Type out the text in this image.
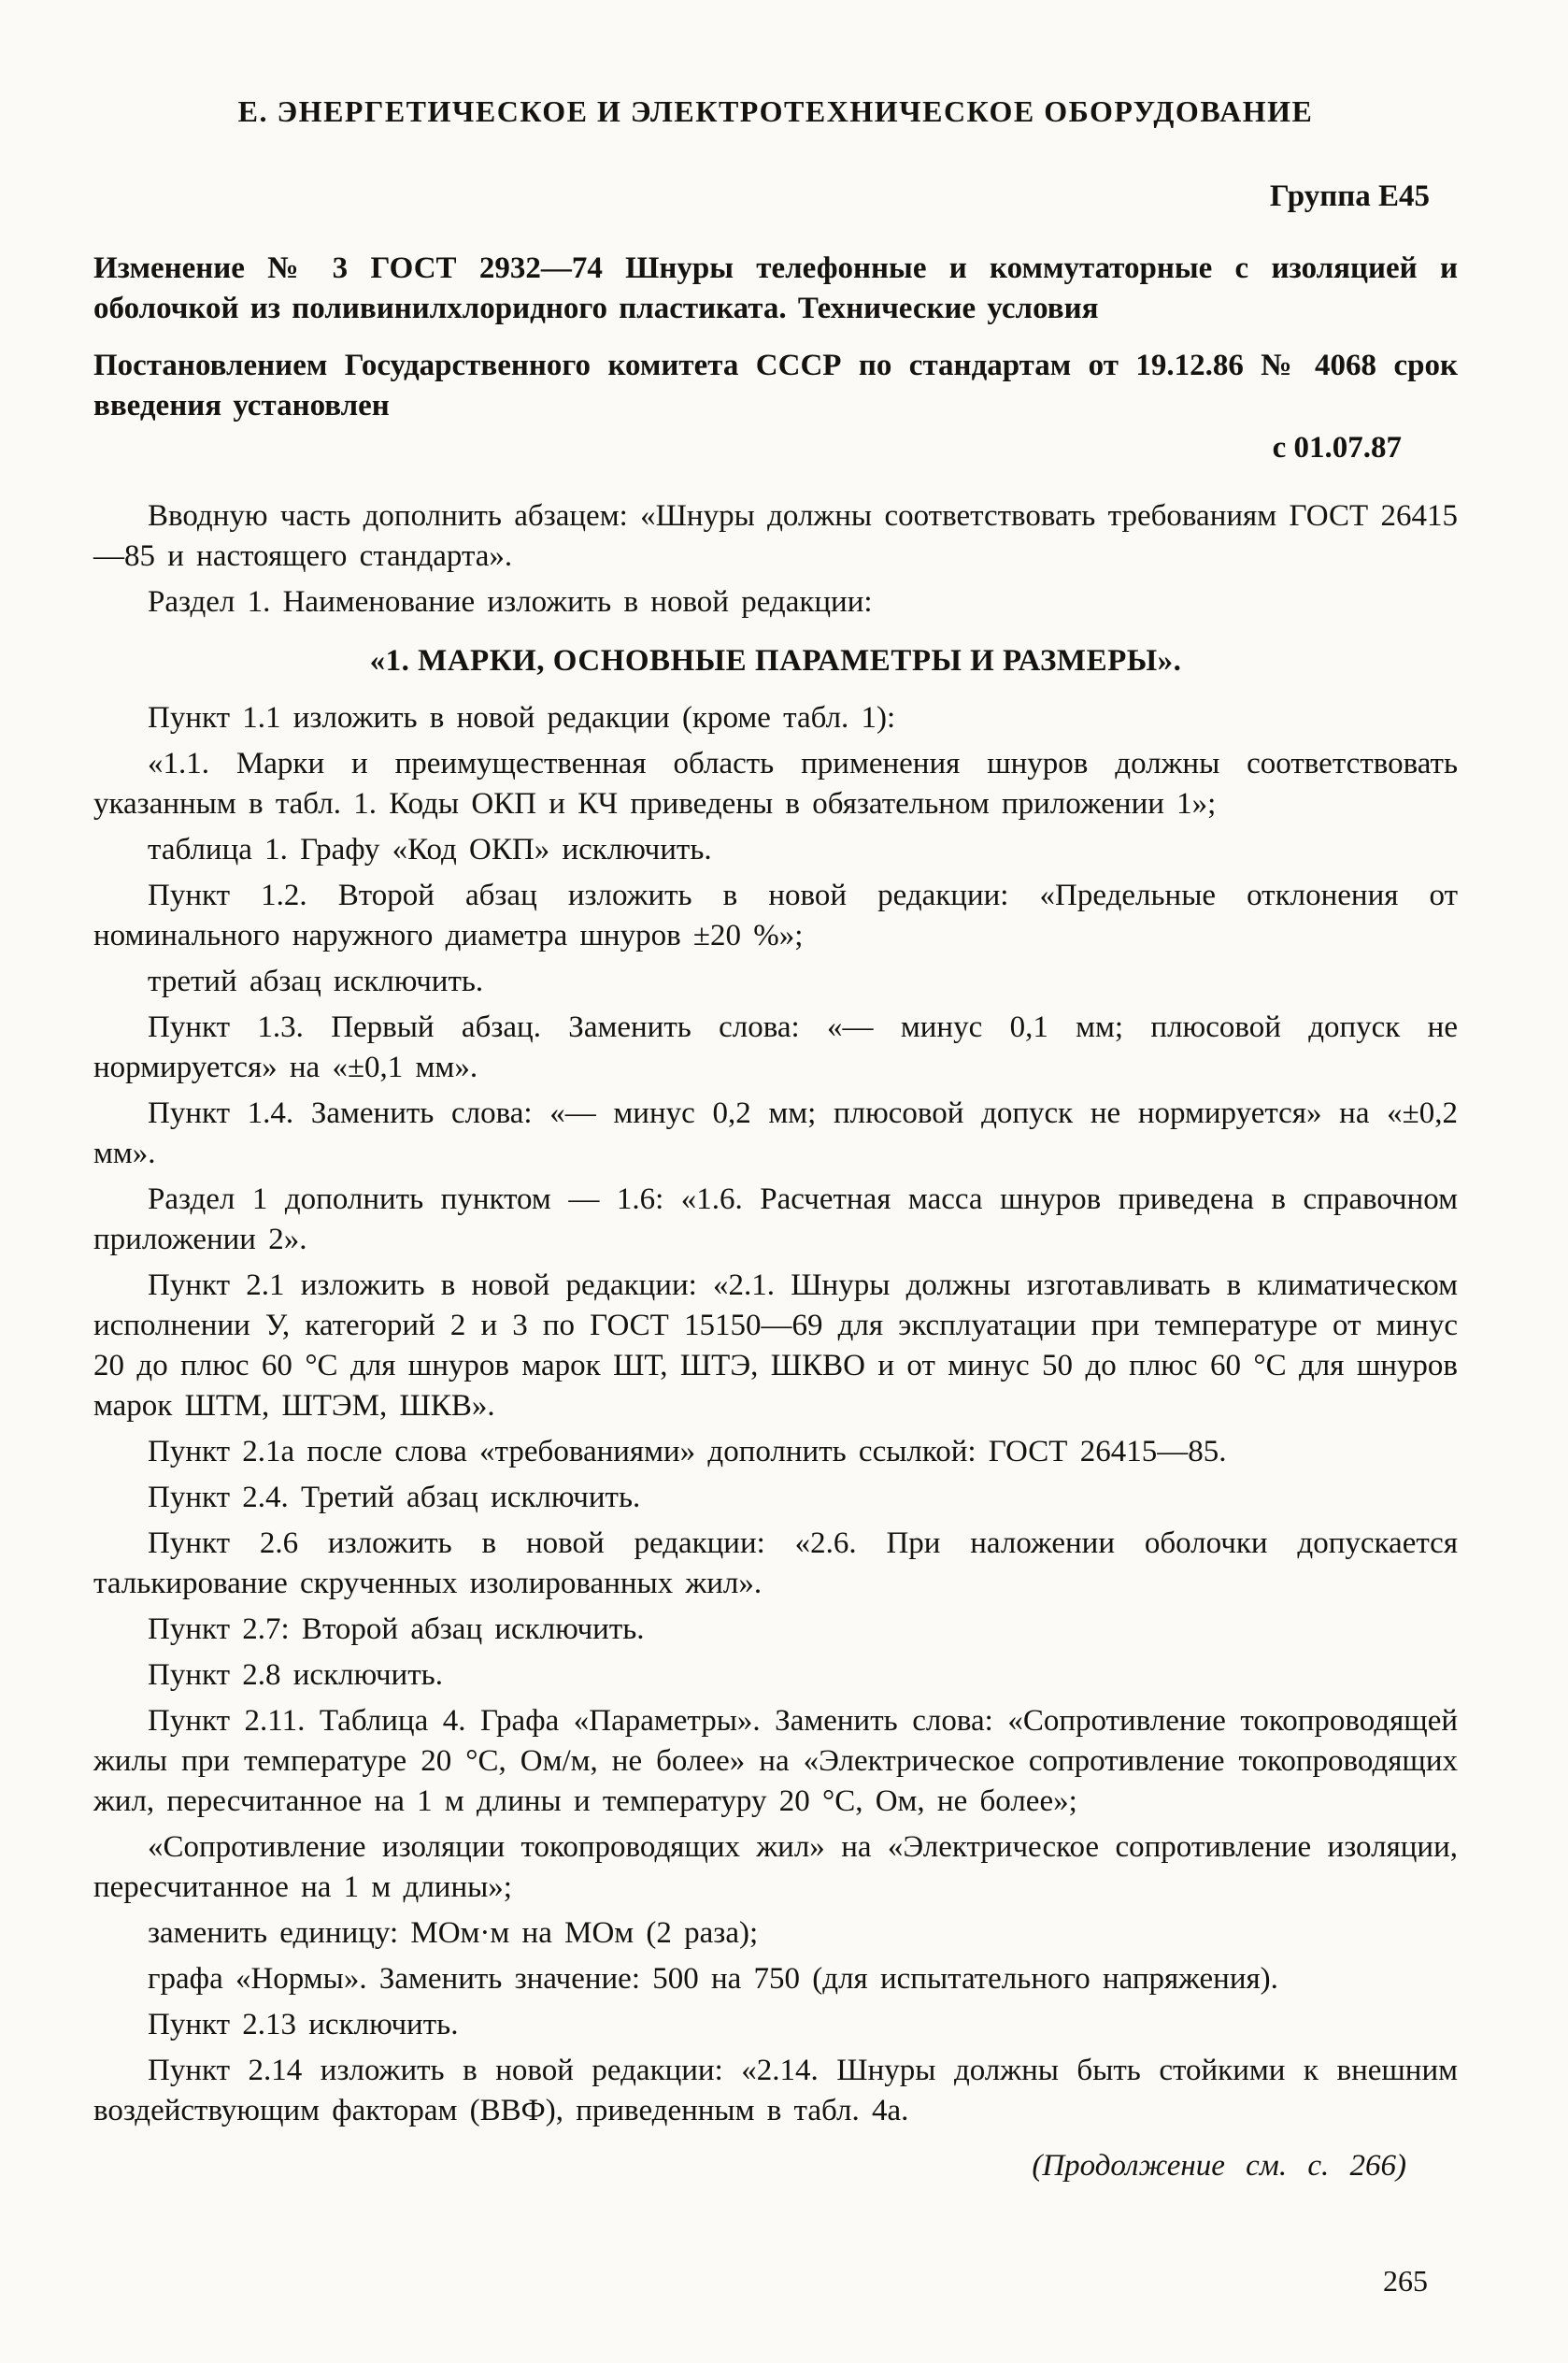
Е. ЭНЕРГЕТИЧЕСКОЕ И ЭЛЕКТРОТЕХНИЧЕСКОЕ ОБОРУДОВАНИЕ

Группа Е45

Изменение № 3 ГОСТ 2932—74 Шнуры телефонные и коммутаторные с изоляцией и оболочкой из поливинилхлоридного пластиката. Технические условия

Постановлением Государственного комитета СССР по стандартам от 19.12.86 № 4068 срок введения установлен

с 01.07.87

Вводную часть дополнить абзацем: «Шнуры должны соответствовать требованиям ГОСТ 26415—85 и настоящего стандарта».

Раздел 1. Наименование изложить в новой редакции:

«1. МАРКИ, ОСНОВНЫЕ ПАРАМЕТРЫ И РАЗМЕРЫ».

Пункт 1.1 изложить в новой редакции (кроме табл. 1):

«1.1. Марки и преимущественная область применения шнуров должны соответствовать указанным в табл. 1. Коды ОКП и КЧ приведены в обязательном приложении 1»;

таблица 1. Графу «Код ОКП» исключить.

Пункт 1.2. Второй абзац изложить в новой редакции: «Предельные отклонения от номинального наружного диаметра шнуров ±20 %»;

третий абзац исключить.

Пункт 1.3. Первый абзац. Заменить слова: «— минус 0,1 мм; плюсовой допуск не нормируется» на «±0,1 мм».

Пункт 1.4. Заменить слова: «— минус 0,2 мм; плюсовой допуск не нормируется» на «±0,2 мм».

Раздел 1 дополнить пунктом — 1.6: «1.6. Расчетная масса шнуров приведена в справочном приложении 2».

Пункт 2.1 изложить в новой редакции: «2.1. Шнуры должны изготавливать в климатическом исполнении У, категорий 2 и 3 по ГОСТ 15150—69 для эксплуатации при температуре от минус 20 до плюс 60 °С для шнуров марок ШТ, ШТЭ, ШКВО и от минус 50 до плюс 60 °С для шнуров марок ШТМ, ШТЭМ, ШКВ».

Пункт 2.1а после слова «требованиями» дополнить ссылкой: ГОСТ 26415—85.

Пункт 2.4. Третий абзац исключить.

Пункт 2.6 изложить в новой редакции: «2.6. При наложении оболочки допускается талькирование скрученных изолированных жил».

Пункт 2.7: Второй абзац исключить.

Пункт 2.8 исключить.

Пункт 2.11. Таблица 4. Графа «Параметры». Заменить слова: «Сопротивление токопроводящей жилы при температуре 20 °С, Ом/м, не более» на «Электрическое сопротивление токопроводящих жил, пересчитанное на 1 м длины и температуру 20 °С, Ом, не более»;

«Сопротивление изоляции токопроводящих жил» на «Электрическое сопротивление изоляции, пересчитанное на 1 м длины»;

заменить единицу: МОм·м на МОм (2 раза);

графа «Нормы». Заменить значение: 500 на 750 (для испытательного напряжения).

Пункт 2.13 исключить.

Пункт 2.14 изложить в новой редакции: «2.14. Шнуры должны быть стойкими к внешним воздействующим факторам (ВВФ), приведенным в табл. 4а.

(Продолжение см. с. 266)

265
